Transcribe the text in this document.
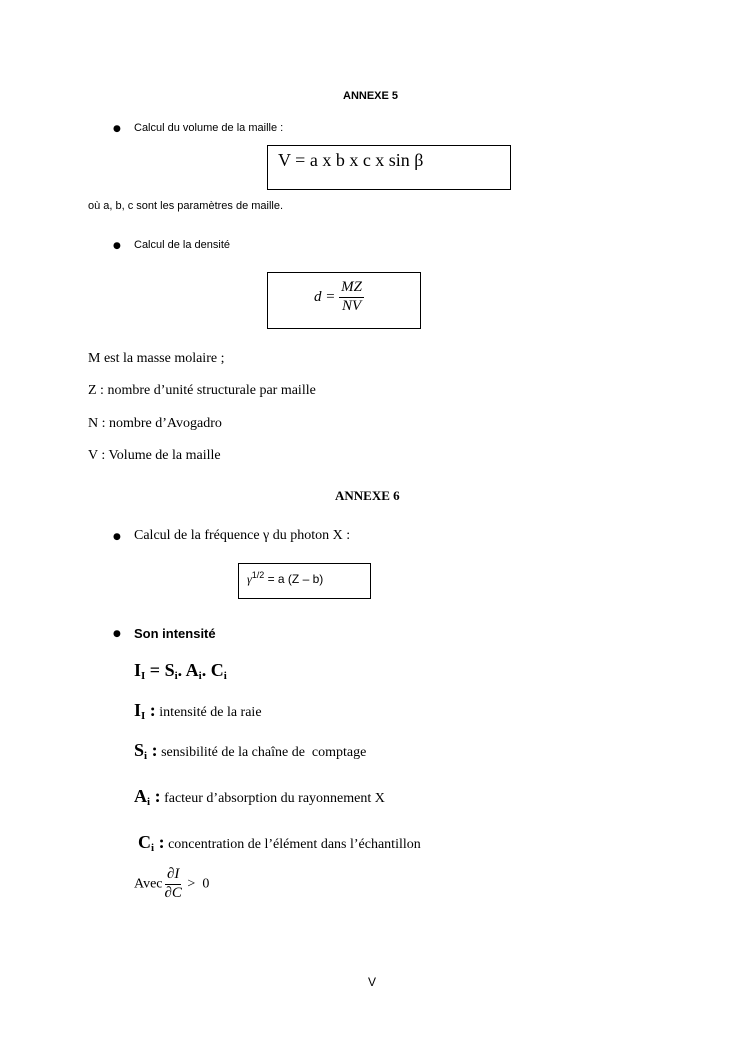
ANNEXE 5
● Calcul du volume de la maille :
V = a x b x c x sin β
où a, b, c sont les paramètres de maille.
● Calcul de la densité
$d = \frac{MZ}{NV}$
M est la masse molaire ;
Z : nombre d’unité structurale par maille
N : nombre d’Avogadro
V : Volume de la maille
ANNEXE 6
● Calcul de la fréquence γ du photon X :
$\gamma^{1/2} = a$ (Z – b)
● Son intensité
$I_I = S_i$. $A_i$. $C_i$
$I_I$ : intensité de la raie
$S_i$ : sensibilité de la chaîne de  comptage
$A_i$ : facteur d’absorption du rayonnement X
$C_i$ : concentration de l’élément dans l’échantillon
Avec $\frac{\partial I}{\partial C} > 0$
V
